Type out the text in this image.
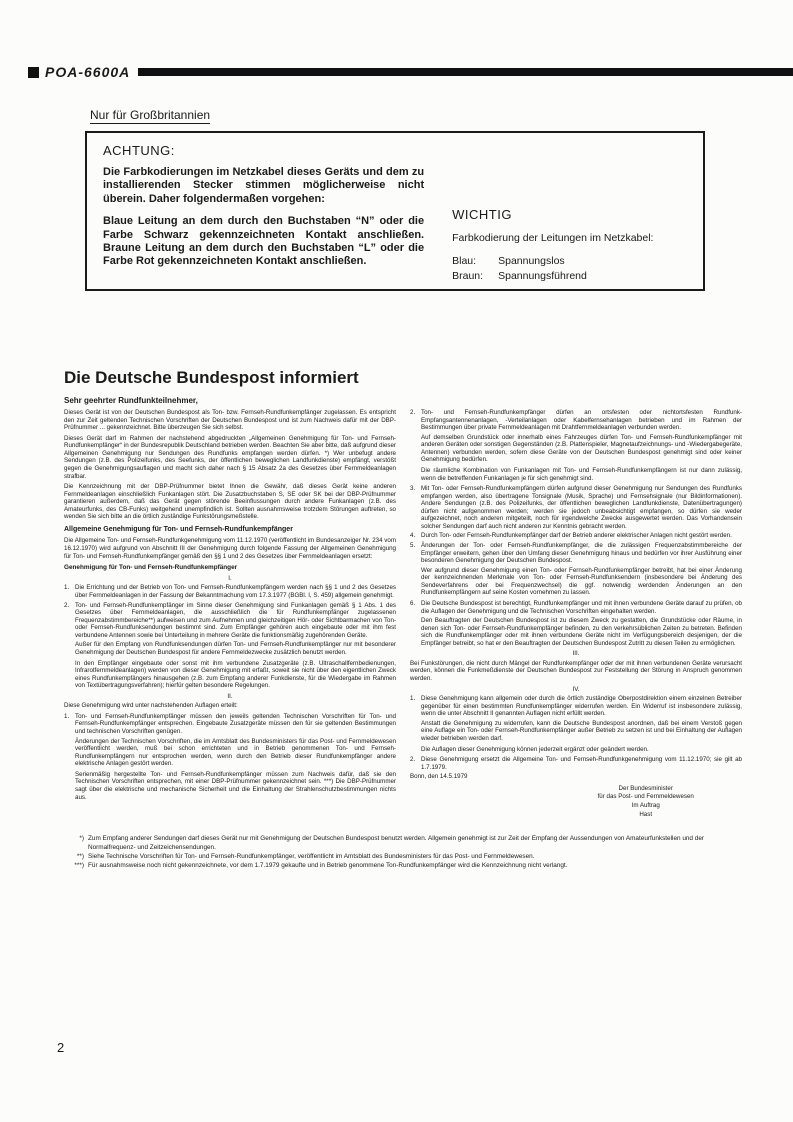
POA-6600A
Nur für Großbritannien
ACHTUNG:

Die Farbkodierungen im Netzkabel dieses Geräts und dem zu installierenden Stecker stimmen möglicherweise nicht überein. Daher folgendermaßen vorgehen:

Blaue Leitung an dem durch den Buchstaben “N” oder die Farbe Schwarz gekennzeichneten Kontakt anschließen. Braune Leitung an dem durch den Buchstaben “L” oder die Farbe Rot gekennzeichneten Kontakt anschließen.

WICHTIG

Farbkodierung der Leitungen im Netzkabel:

Blau:	Spannungslos
Braun:	Spannungsführend
Die Deutsche Bundespost informiert
Sehr geehrter Rundfunkteilnehmer,

Dieses Gerät ist von der Deutschen Bundespost als Ton- bzw. Fernseh-Rundfunkempfänger zugelassen. Es entspricht den zur Zeit geltenden Technischen Vorschriften der Deutschen Bundespost und ist zum Nachweis dafür mit der DBP-Prüfnummer ... gekennzeichnet. Bitte überzeugen Sie sich selbst.

Dieses Gerät darf im Rahmen der nachstehend abgedruckten „Allgemeinen Genehmigung für Ton- und Fernseh-Rundfunkempfänger“ in der Bundesrepublik Deutschland betrieben werden. Beachten Sie aber bitte, daß aufgrund dieser Allgemeinen Genehmigung nur Sendungen des Rundfunks empfangen werden dürfen. *) Wer unbefugt andere Sendungen (z.B. des Polizeifunks, des Seefunks, der öffentlichen beweglichen Landfunkdienste) empfängt, verstößt gegen die Genehmigungsauflagen und macht sich daher nach § 15 Absatz 2a des Gesetzes über Fernmeldeanlagen strafbar.

Die Kennzeichnung mit der DBP-Prüfnummer bietet Ihnen die Gewähr, daß dieses Gerät keine anderen Fernmeldeanlagen einschließlich Funkanlagen stört. Die Zusatzbuchstaben S, SE oder SK bei der DBP-Prüfnummer garantieren außerdem, daß das Gerät gegen störende Beeinflussungen durch andere Funkanlagen (z.B. des Amateurfunks, des CB-Funks) weitgehend unempfindlich ist. Sollten ausnahmsweise trotzdem Störungen auftreten, so wenden Sie sich bitte an die örtlich zuständige Funkstörungsmeßstelle.

Allgemeine Genehmigung für Ton- und Fernseh-Rundfunkempfänger

Die Allgemeine Ton- und Fernseh-Rundfunkgenehmigung vom 11.12.1970 (veröffentlicht im Bundesanzeiger Nr. 234 vom 16.12.1970) wird aufgrund von Abschnitt III der Genehmigung durch folgende Fassung der Allgemeinen Genehmigung für Ton- und Fernseh-Rundfunkempfänger gemäß den §§ 1 und 2 des Gesetzes über Fernmeldeanlagen ersetzt:

Genehmigung für Ton- und Fernseh-Rundfunkempfänger
I.
1. Die Errichtung und der Betrieb von Ton- und Fernseh-Rundfunkempfängern werden nach §§ 1 und 2 des Gesetzes über Fernmeldeanlagen in der Fassung der Bekanntmachung vom 17.3.1977 (BGBl. I, S. 459) allgemein genehmigt.
2. Ton- und Fernseh-Rundfunkempfänger im Sinne dieser Genehmigung sind Funkanlagen gemäß § 1 Abs. 1 des Gesetzes über Fernmeldeanlagen, die ausschließlich die für Rundfunkempfänger zugelassenen Frequenzabstimmbereiche**) aufweisen und zum Aufnehmen und gleichzeitigen Hör- oder Sichtbarmachen von Ton- oder Fernseh-Rundfunksendungen bestimmt sind. Zum Empfänger gehören auch eingebaute oder mit ihm fest verbundene Antennen sowie bei Unterteilung in mehrere Geräte die funktionsmäßig zugehörenden Geräte.

Außer für den Empfang von Rundfunksendungen dürfen Ton- und Fernseh-Rundfunkempfänger nur mit besonderer Genehmigung der Deutschen Bundespost für andere Fernmeldezwecke zusätzlich benutzt werden.

In den Empfänger eingebaute oder sonst mit ihm verbundene Zusatzgeräte (z.B. Ultraschallfernbedienungen, Infrarotfernmeldeanlagen) werden von dieser Genehmigung mit erfaßt, soweit sie nicht über den eigentlichen Zweck eines Rundfunkempfängers hinausgehen (z.B. zum Empfang anderer Funkdienste, für die Wiedergabe im Rahmen von Textübertragungsverfahren); hierfür gelten besondere Regelungen.

II.

Diese Genehmigung wird unter nachstehenden Auflagen erteilt:

1. Ton- und Fernseh-Rundfunkempfänger müssen den jeweils geltenden Technischen Vorschriften für Ton- und Fernseh-Rundfunkempfänger entsprechen. Eingebaute Zusatzgeräte müssen den für sie geltenden Bestimmungen und technischen Vorschriften genügen.

Änderungen der Technischen Vorschriften, die im Amtsblatt des Bundesministers für das Post- und Fernmeldewesen veröffentlicht werden, muß bei schon errichteten und in Betrieb genommenen Ton- und Fernseh-Rundfunkempfängern nur entsprochen werden, wenn durch den Betrieb dieser Rundfunkempfänger andere elektrische Anlagen gestört werden.

Serienmäßig hergestellte Ton- und Fernseh-Rundfunkempfänger müssen zum Nachweis dafür, daß sie den Technischen Vorschriften entsprechen, mit einer DBP-Prüfnummer gekennzeichnet sein. ***) Die DBP-Prüfnummer sagt über die elektrische und mechanische Sicherheit und die Einhaltung der Strahlenschutzbestimmungen nichts aus.

2. Ton- und Fernseh-Rundfunkempfänger dürfen an ortsfesten oder nichtortsfesten Rundfunk-Empfangsantennenanlagen, -Verteilanlagen oder Kabelfernsehanlagen betrieben und im Rahmen der Bestimmungen über private Fernmeldeanlagen mit Drahtfernmeldeanlagen verbunden werden.

Auf demselben Grundstück oder innerhalb eines Fahrzeuges dürfen Ton- und Fernseh-Rundfunkempfänger mit anderen Geräten oder sonstigen Gegenständen (z.B. Plattenspieler, Magnetaufzeichnungs- und -Wiedergabegeräte, Antennen) verbunden werden, sofern diese Geräte von der Deutschen Bundespost genehmigt sind oder keiner Genehmigung bedürfen.

Die räumliche Kombination von Funkanlagen mit Ton- und Fernseh-Rundfunkempfängern ist nur dann zulässig, wenn die betreffenden Funkanlagen je für sich genehmigt sind.

3. Mit Ton- oder Fernseh-Rundfunkempfängern dürfen aufgrund dieser Genehmigung nur Sendungen des Rundfunks empfangen werden, also übertragene Tonsignale (Musik, Sprache) und Fernsehsignale (nur Bildinformationen). Andere Sendungen (z.B. des Polizeifunks, der öffentlichen beweglichen Landfunkdienste, Datenübertragungen) dürfen nicht aufgenommen werden; werden sie jedoch unbeabsichtigt empfangen, so dürfen sie weder aufgezeichnet, noch anderen mitgeteilt, noch für irgendwelche Zwecke ausgewertet werden. Das Vorhandensein solcher Sendungen darf auch nicht anderen zur Kenntnis gebracht werden.
4. Durch Ton- oder Fernseh-Rundfunkempfänger darf der Betrieb anderer elektrischer Anlagen nicht gestört werden.
5. Änderungen der Ton- oder Fernseh-Rundfunkempfänger, die die zulässigen Frequenzabstimmbereiche der Empfänger erweitern, gehen über den Umfang dieser Genehmigung hinaus und bedürfen vor ihrer Ausführung einer besonderen Genehmigung der Deutschen Bundespost.

Wer aufgrund dieser Genehmigung einen Ton- oder Fernseh-Rundfunkempfänger betreibt, hat bei einer Änderung der kennzeichnenden Merkmale von Ton- oder Fernseh-Rundfunksendern (insbesondere bei Änderung des Sendeverfahrens oder bei Frequenzwechsel) die ggf. notwendig werdenden Änderungen an den Rundfunkempfängern auf seine Kosten vornehmen zu lassen.

6. Die Deutsche Bundespost ist berechtigt, Rundfunkempfänger und mit ihnen verbundene Geräte darauf zu prüfen, ob die Auflagen der Genehmigung und die Technischen Vorschriften eingehalten werden.

Den Beauftragten der Deutschen Bundespost ist zu diesem Zweck zu gestatten, die Grundstücke oder Räume, in denen sich Ton- oder Fernseh-Rundfunkempfänger befinden, zu den verkehrsüblichen Zeiten zu betreten. Befinden sich die Rundfunkempfänger oder mit ihnen verbundene Geräte nicht im Verfügungsbereich desjenigen, der die Empfänger betreibt, so hat er den Beauftragten der Deutschen Bundespost Zutritt zu diesen Teilen zu ermöglichen.

III.

Bei Funkstörungen, die nicht durch Mängel der Rundfunkempfänger oder der mit ihnen verbundenen Geräte verursacht werden, können die Funkmeßdienste der Deutschen Bundespost zur Feststellung der Störung in Anspruch genommen werden.

IV.
1. Diese Genehmigung kann allgemein oder durch die örtlich zuständige Oberpostdirektion einem einzelnen Betreiber gegenüber für einen bestimmten Rundfunkempfänger widerrufen werden. Ein Widerruf ist insbesondere zulässig, wenn die unter Abschnitt II genannten Auflagen nicht erfüllt werden.

Anstatt die Genehmigung zu widerrufen, kann die Deutsche Bundespost anordnen, daß bei einem Verstoß gegen eine Auflage ein Ton- oder Fernseh-Rundfunkempfänger außer Betrieb zu setzen ist und bei Einhaltung der Auflagen wieder betrieben werden darf.

Die Auflagen dieser Genehmigung können jederzeit ergänzt oder geändert werden.

2. Diese Genehmigung ersetzt die Allgemeine Ton- und Fernseh-Rundfunkgenehmigung vom 11.12.1970; sie gilt ab 1.7.1979.

Bonn, den 14.5.1979

Der Bundesminister
für das Post- und Fernmeldewesen
Im Auftrag
Hast
*) Zum Empfang anderer Sendungen darf dieses Gerät nur mit Genehmigung der Deutschen Bundespost benutzt werden. Allgemein genehmigt ist zur Zeit der Empfang der Aussendungen von Amateurfunkstellen und der Normalfrequenz- und Zeitzeichensendungen.
**) Siehe Technische Vorschriften für Ton- und Fernseh-Rundfunkempfänger, veröffentlicht im Amtsblatt des Bundesministers für das Post- und Fernmeldewesen.
***) Für ausnahmsweise noch nicht gekennzeichnete, vor dem 1.7.1979 gekaufte und in Betrieb genommene Ton-Rundfunkempfänger wird die Kennzeichnung nicht verlangt.
2
